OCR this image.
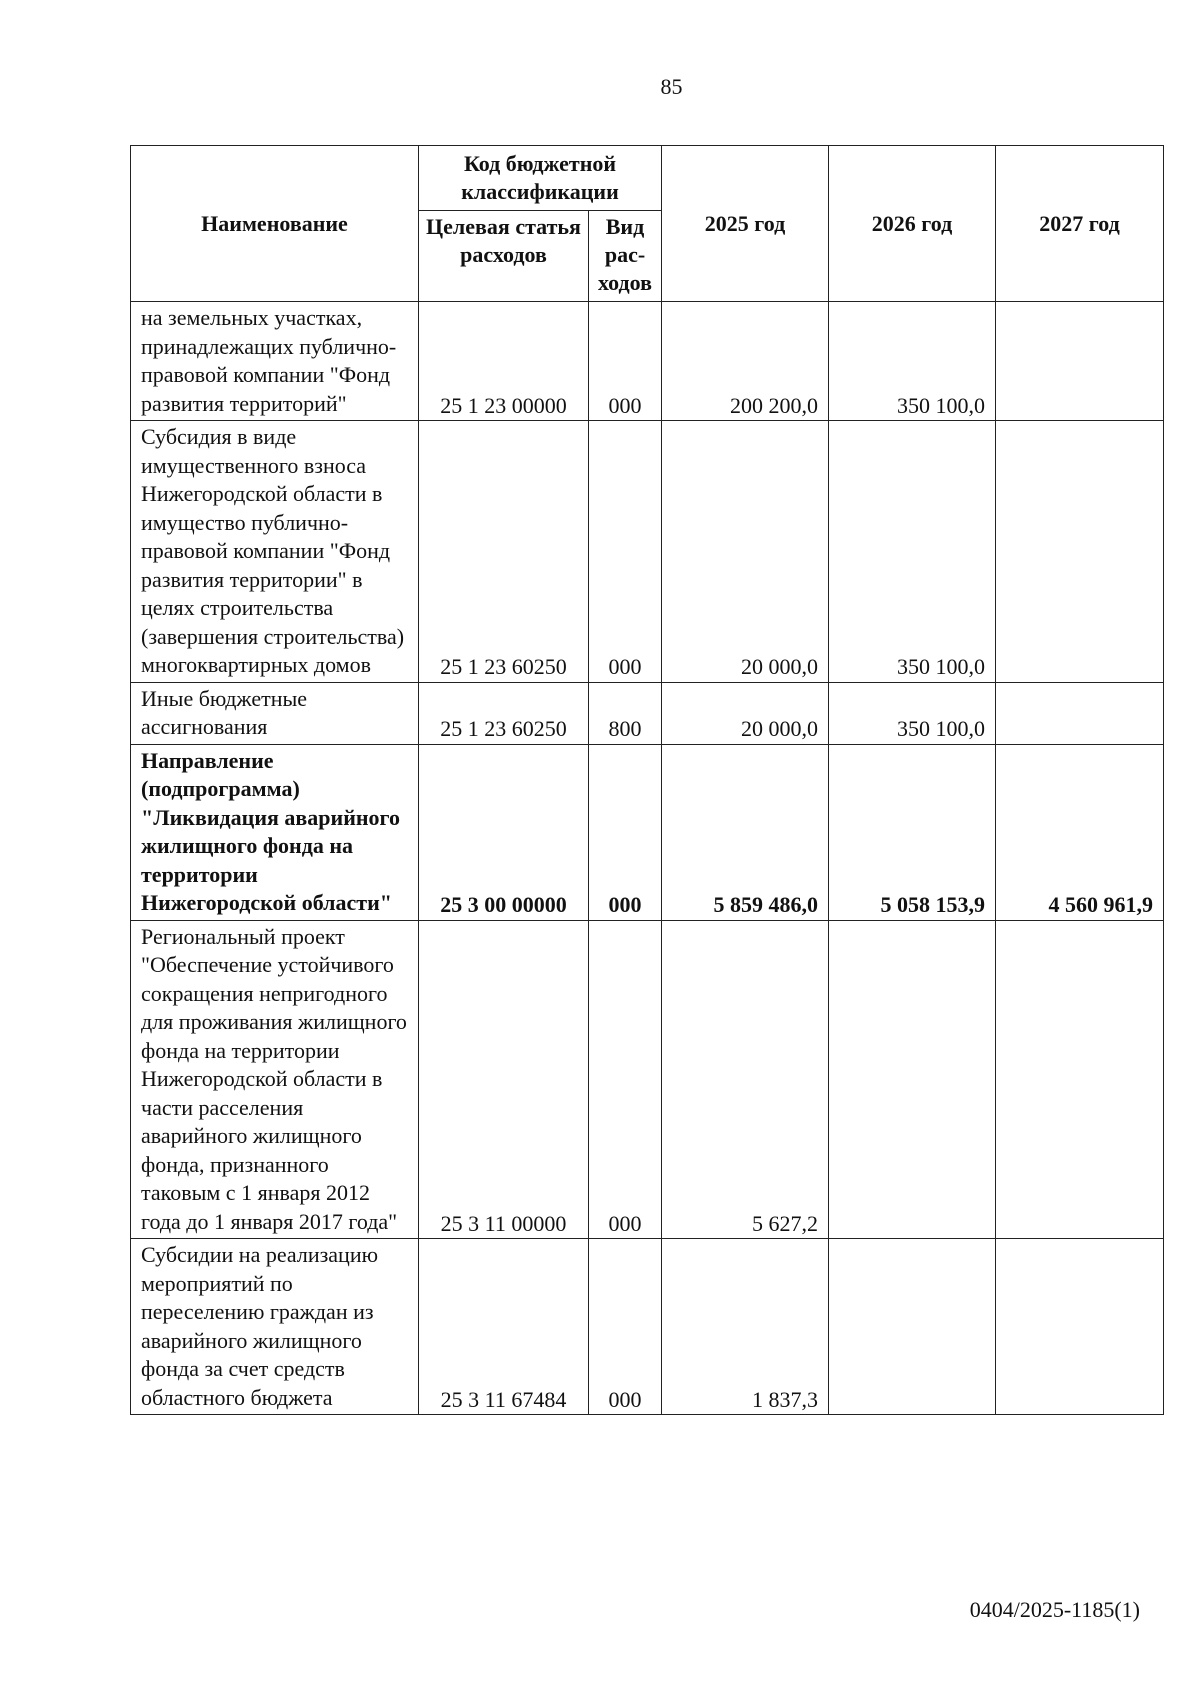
85
Наименование	Код бюджетной классификации		2025 год	2026 год	2027 год
	Целевая статья расходов	Вид рас-ходов			
на земельных участках, принадлежащих публично-правовой компании "Фонд развития территорий"	25 1 23 00000	000	200 200,0	350 100,0	
Субсидия в виде имущественного взноса Нижегородской области в имущество публично-правовой компании "Фонд развития территории" в целях строительства (завершения строительства) многоквартирных домов	25 1 23 60250	000	20 000,0	350 100,0	
Иные бюджетные ассигнования	25 1 23 60250	800	20 000,0	350 100,0	
Направление (подпрограмма) "Ликвидация аварийного жилищного фонда на территории Нижегородской области"	25 3 00 00000	000	5 859 486,0	5 058 153,9	4 560 961,9
Региональный проект "Обеспечение устойчивого сокращения непригодного для проживания жилищного фонда на территории Нижегородской области в части расселения аварийного жилищного фонда, признанного таковым с 1 января 2012 года до 1 января 2017 года"	25 3 11 00000	000	5 627,2		
Субсидии на реализацию мероприятий по переселению граждан из аварийного жилищного фонда за счет средств областного бюджета	25 3 11 67484	000	1 837,3		
0404/2025-1185(1)
